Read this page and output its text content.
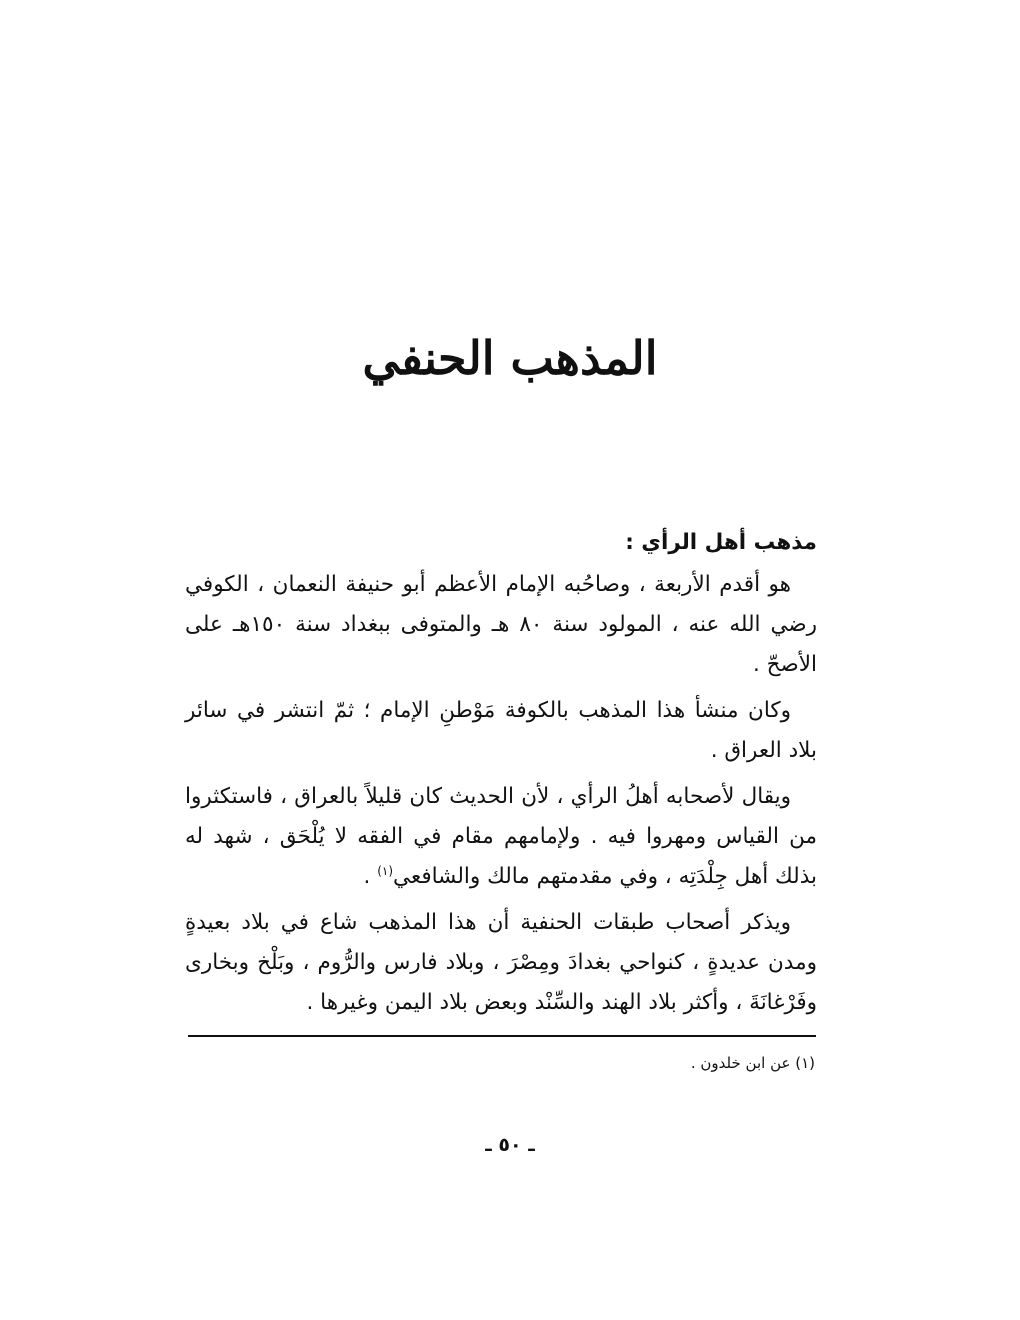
المذهب الحنفي
مذهب أهل الرأي :

هو أقدم الأربعة ، وصاحُبه الإمام الأعظم أبو حنيفة النعمان ، الكوفي رضي الله عنه ، المولود سنة ٨٠ هـ والمتوفى ببغداد سنة ١٥٠هـ على الأصحّ .

وكان منشأ هذا المذهب بالكوفة مَوْطنِ الإمام ؛ ثمّ انتشر في سائر بلاد العراق .

ويقال لأصحابه أهلُ الرأي ، لأن الحديث كان قليلاً بالعراق ، فاستكثروا من القياس ومهروا فيه . ولإمامهم مقام في الفقه لا يُلْحَق ، شهد له بذلك أهل جِلْدَتِه ، وفي مقدمتهم مالك والشافعي$^{(١)}$ .

ويذكر أصحاب طبقات الحنفية أن هذا المذهب شاع في بلاد بعيدةٍ ومدن عديدةٍ ، كنواحي بغدادَ ومِصْرَ ، وبلاد فارس والرُّوم ، وبَلْخ وبخارى وفَرْغانَةَ ، وأكثر بلاد الهند والسِّنْد وبعض بلاد اليمن وغيرها .

(١) عن ابن خلدون .
ـ ٥٠ ـ
